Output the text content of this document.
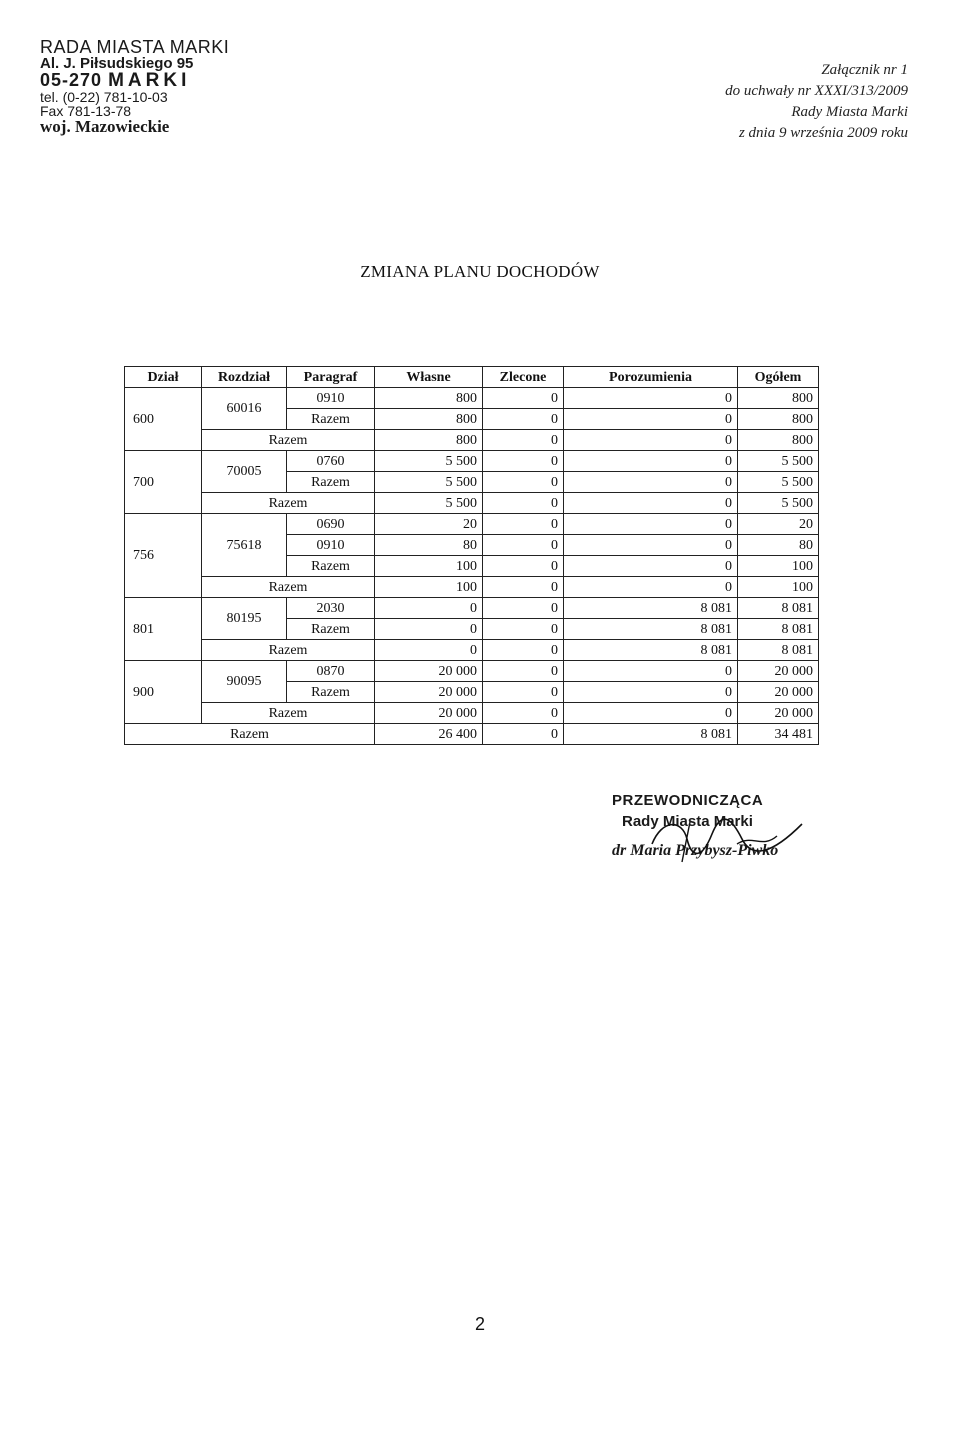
RADA MIASTA MARKI
Al. J. Piłsudskiego 95
05-270 MARKI
tel. (0-22) 781-10-03
Fax 781-13-78
woj. Mazowieckie
Załącznik nr 1
do uchwały nr XXXI/313/2009
Rady Miasta Marki
z dnia 9 września 2009 roku
ZMIANA PLANU DOCHODÓW
Dział	Rozdział	Paragraf	Własne	Zlecone	Porozumienia	Ogółem
600	60016	0910	800	0	0	800
		Razem	800	0	0	800
	Razem		800	0	0	800
700	70005	0760	5 500	0	0	5 500
		Razem	5 500	0	0	5 500
	Razem		5 500	0	0	5 500
756	75618	0690	20	0	0	20
		0910	80	0	0	80
		Razem	100	0	0	100
	Razem		100	0	0	100
801	80195	2030	0	0	8 081	8 081
		Razem	0	0	8 081	8 081
	Razem		0	0	8 081	8 081
900	90095	0870	20 000	0	0	20 000
		Razem	20 000	0	0	20 000
	Razem		20 000	0	0	20 000
Razem			26 400	0	8 081	34 481
PRZEWODNICZĄCA
Rady Miasta Marki
dr Maria Przybysz-Piwko
2
